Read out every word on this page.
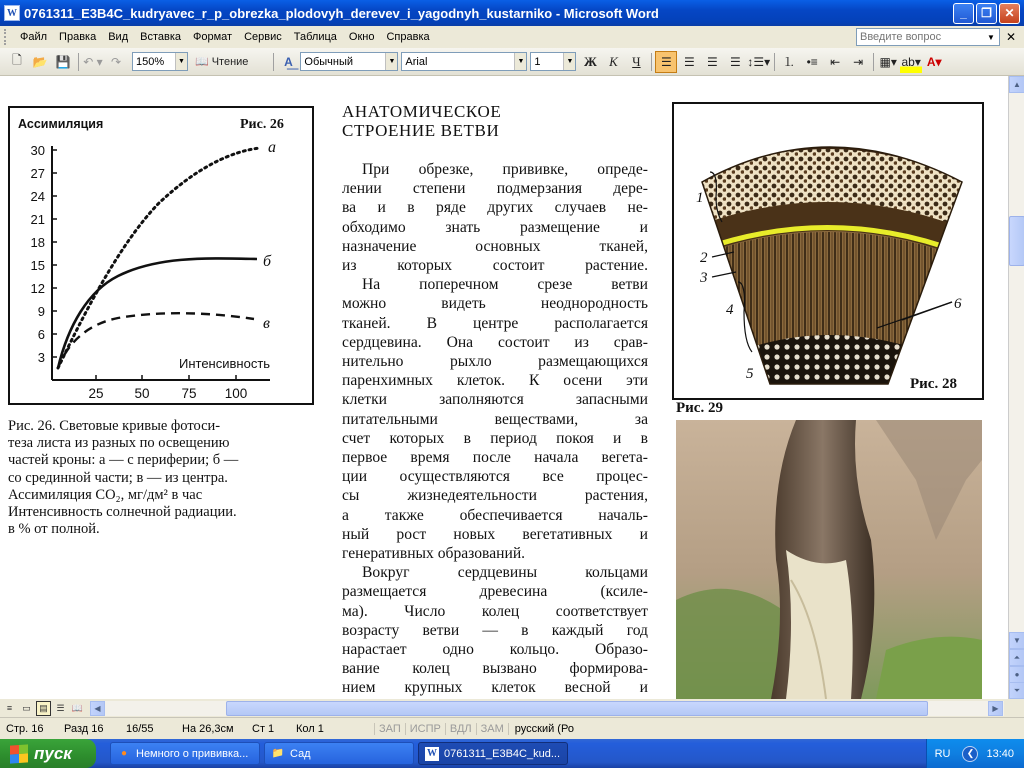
W 0761311_E3B4C_kudryavec_r_p_obrezka_plodovyh_derevev_i_yagodnyh_kustarniko - Microsoft Word	_	❐	✕
Файл	Правка	Вид	Вставка	Формат	Сервис	Таблица	Окно	Справка
Введите вопрос	▼ ✕
🗋 📂 💾 ↶ ▾ ↷	150%	▼ 📖 Чтение	A͟	Обычный	▼ Arial	▼ 1	▼ Ж К	Ч	☰	☰	☰	☰ ↕☰▾	⒈ •≡	⇤	⇥	▦▾ ab▾ A▾
Ассимиляция	Рис. 26
30
27
24
21
18
15
12
9
6
3
25 50 75 100
Интенсивность
а
б
в
Рис. 26. Световые кривые фотоси-
теза листа из разных по освещению
частей кроны: а — с периферии; б —
со срединной части; в — из центра.
Ассимиляция CO₂, мг/дм² в час
Интенсивность солнечной радиации.
в % от полной.
АНАТОМИЧЕСКОЕ
СТРОЕНИЕ ВЕТВИ
При обрезке, прививке, опреде-
лении степени подмерзания дере-
ва и в ряде других случаев не-
обходимо знать размещение и
назначение основных тканей,
из которых состоит растение.
На поперечном срезе ветви
можно видеть неоднородность
тканей. В центре располагается
сердцевина. Она состоит из срав-
нительно рыхло размещающихся
паренхимных клеток. К осени эти
клетки заполняются запасными
питательными веществами, за
счет которых в период покоя и в
первое время после начала вегета-
ции осуществляются все процес-
сы жизнедеятельности растения,
а также обеспечивается началь-
ный рост новых вегетативных и
генеративных образований.
Вокруг сердцевины кольцами
размещается древесина (ксиле-
ма). Число колец соответствует
возрасту ветви — в каждый год
нарастает одно кольцо. Образо-
вание колец вызвано формирова-
нием крупных клеток весной и
1
2
3
4
5
6
Рис. 28
Рис. 29
▲
▼
⏶
●
⏷
≡	▭ ▤ ☰ 📖	◀	▶
Стр. 16	Разд 16	16/55	На 26,3см	Ст 1	Кол 1	ЗАП ИСПР ВДЛ ЗАМ	русский (Ро
пуск	● Немного о прививка... 📁 Сад	W 0761311_E3B4C_kud...	RU	❮	13:40
